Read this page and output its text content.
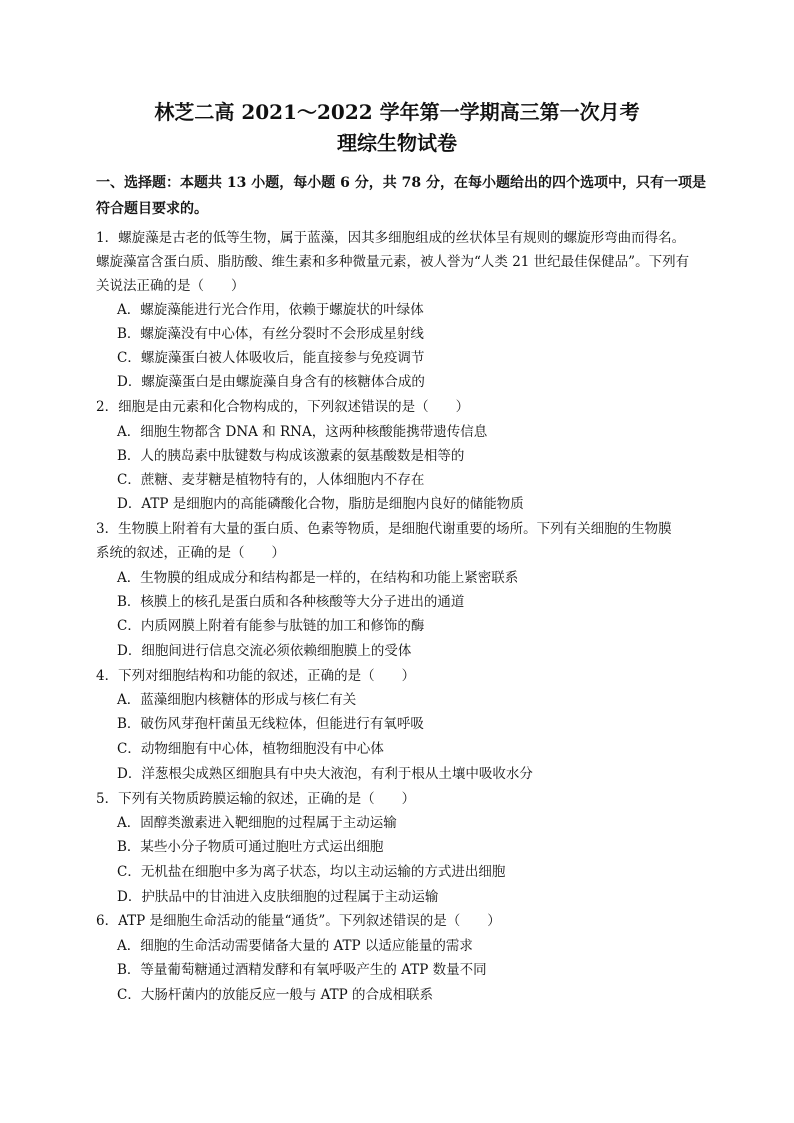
林芝二高 2021～2022 学年第一学期高三第一次月考
理综生物试卷
一、选择题：本题共 13 小题，每小题 6 分，共 78 分，在每小题给出的四个选项中，只有一项是符合题目要求的。
1．螺旋藻是古老的低等生物，属于蓝藻，因其多细胞组成的丝状体呈有规则的螺旋形弯曲而得名。
螺旋藻富含蛋白质、脂肪酸、维生素和多种微量元素，被人誉为“人类 21 世纪最佳保健品”。下列有
关说法正确的是（　　）
A．螺旋藻能进行光合作用，依赖于螺旋状的叶绿体
B．螺旋藻没有中心体，有丝分裂时不会形成星射线
C．螺旋藻蛋白被人体吸收后，能直接参与免疫调节
D．螺旋藻蛋白是由螺旋藻自身含有的核糖体合成的
2．细胞是由元素和化合物构成的，下列叙述错误的是（　　）
A．细胞生物都含 DNA 和 RNA，这两种核酸能携带遗传信息
B．人的胰岛素中肽键数与构成该激素的氨基酸数是相等的
C．蔗糖、麦芽糖是植物特有的，人体细胞内不存在
D．ATP 是细胞内的高能磷酸化合物，脂肪是细胞内良好的储能物质
3．生物膜上附着有大量的蛋白质、色素等物质，是细胞代谢重要的场所。下列有关细胞的生物膜
系统的叙述，正确的是（　　）
A．生物膜的组成成分和结构都是一样的，在结构和功能上紧密联系
B．核膜上的核孔是蛋白质和各种核酸等大分子进出的通道
C．内质网膜上附着有能参与肽链的加工和修饰的酶
D．细胞间进行信息交流必须依赖细胞膜上的受体
4．下列对细胞结构和功能的叙述，正确的是（　　）
A．蓝藻细胞内核糖体的形成与核仁有关
B．破伤风芽孢杆菌虽无线粒体，但能进行有氧呼吸
C．动物细胞有中心体，植物细胞没有中心体
D．洋葱根尖成熟区细胞具有中央大液泡，有利于根从土壤中吸收水分
5．下列有关物质跨膜运输的叙述，正确的是（　　）
A．固醇类激素进入靶细胞的过程属于主动运输
B．某些小分子物质可通过胞吐方式运出细胞
C．无机盐在细胞中多为离子状态，均以主动运输的方式进出细胞
D．护肤品中的甘油进入皮肤细胞的过程属于主动运输
6．ATP 是细胞生命活动的能量“通货”。下列叙述错误的是（　　）
A．细胞的生命活动需要储备大量的 ATP 以适应能量的需求
B．等量葡萄糖通过酒精发酵和有氧呼吸产生的 ATP 数量不同
C．大肠杆菌内的放能反应一般与 ATP 的合成相联系
